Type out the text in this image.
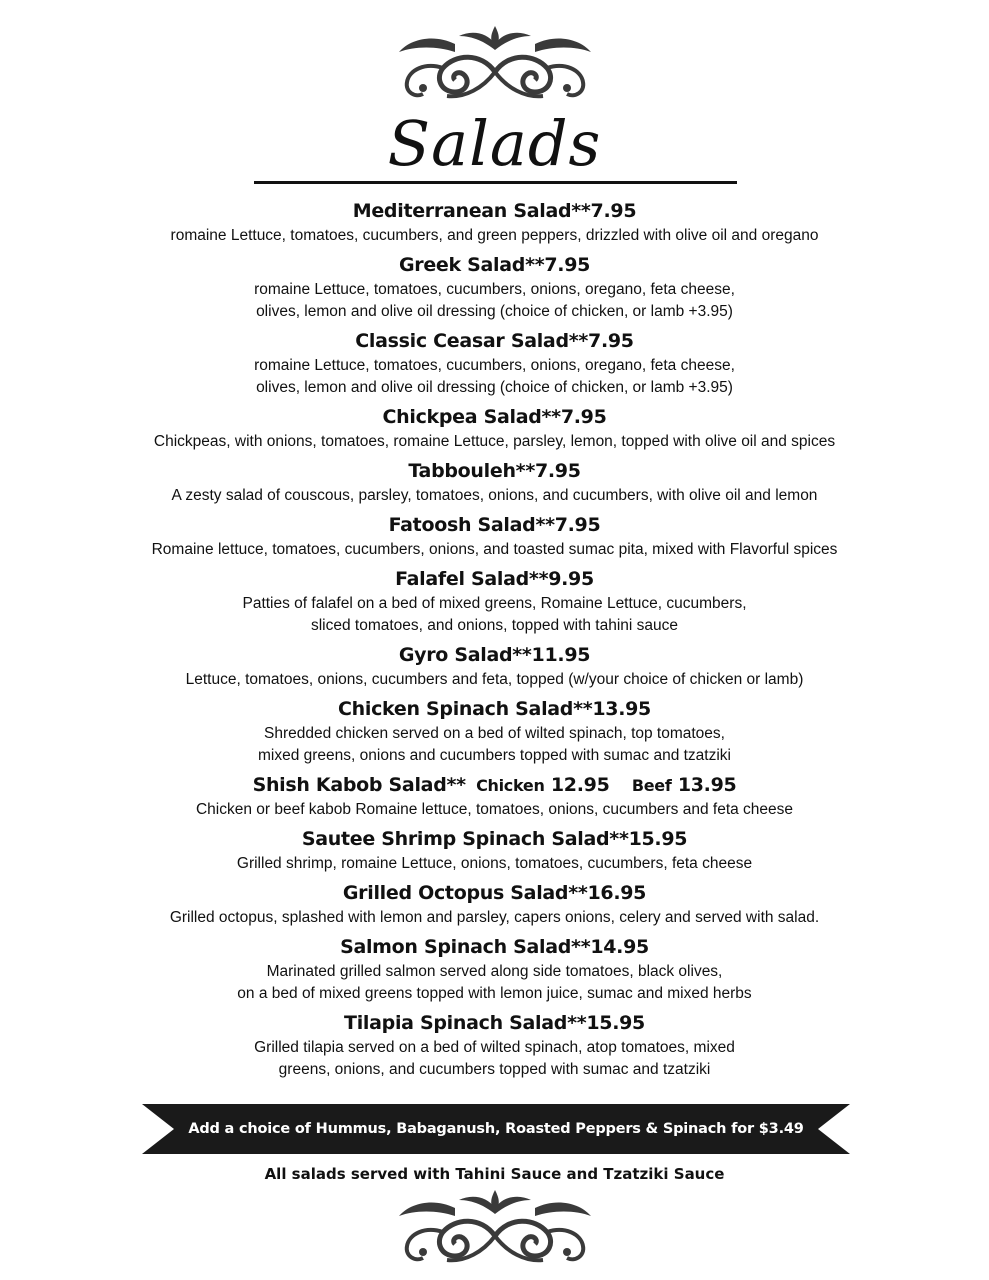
Salads
Mediterranean Salad**7.95
romaine Lettuce, tomatoes, cucumbers, and green peppers, drizzled with olive oil and oregano
Greek Salad**7.95
romaine Lettuce, tomatoes, cucumbers, onions, oregano, feta cheese,
olives, lemon and olive oil dressing (choice of chicken, or lamb +3.95)
Classic Ceasar Salad**7.95
romaine Lettuce, tomatoes, cucumbers, onions, oregano, feta cheese,
olives, lemon and olive oil dressing (choice of chicken, or lamb +3.95)
Chickpea Salad**7.95
Chickpeas, with onions, tomatoes, romaine Lettuce, parsley, lemon, topped with olive oil and spices
Tabbouleh**7.95
A zesty salad of couscous, parsley, tomatoes, onions, and cucumbers, with olive oil and lemon
Fatoosh Salad**7.95
Romaine lettuce, tomatoes, cucumbers, onions, and toasted sumac pita, mixed with Flavorful spices
Falafel Salad**9.95
Patties of falafel on a bed of mixed greens, Romaine Lettuce, cucumbers,
sliced tomatoes, and onions, topped with tahini sauce
Gyro Salad**11.95
Lettuce, tomatoes, onions, cucumbers and feta, topped (w/your choice of chicken or lamb)
Chicken Spinach Salad**13.95
Shredded chicken served on a bed of wilted spinach, top tomatoes,
mixed greens, onions and cucumbers topped with sumac and tzatziki
Shish Kabob Salad** Chicken 12.95 Beef 13.95
Chicken or beef kabob Romaine lettuce, tomatoes, onions, cucumbers and feta cheese
Sautee Shrimp Spinach Salad**15.95
Grilled shrimp, romaine Lettuce, onions, tomatoes, cucumbers, feta cheese
Grilled Octopus Salad**16.95
Grilled octopus, splashed with lemon and parsley, capers onions, celery and served with salad.
Salmon Spinach Salad**14.95
Marinated grilled salmon served along side tomatoes, black olives,
on a bed of mixed greens topped with lemon juice, sumac and mixed herbs
Tilapia Spinach Salad**15.95
Grilled tilapia served on a bed of wilted spinach, atop tomatoes, mixed
greens, onions, and cucumbers topped with sumac and tzatziki
Add a choice of Hummus, Babaganush, Roasted Peppers & Spinach for $3.49
All salads served with Tahini Sauce and Tzatziki Sauce
